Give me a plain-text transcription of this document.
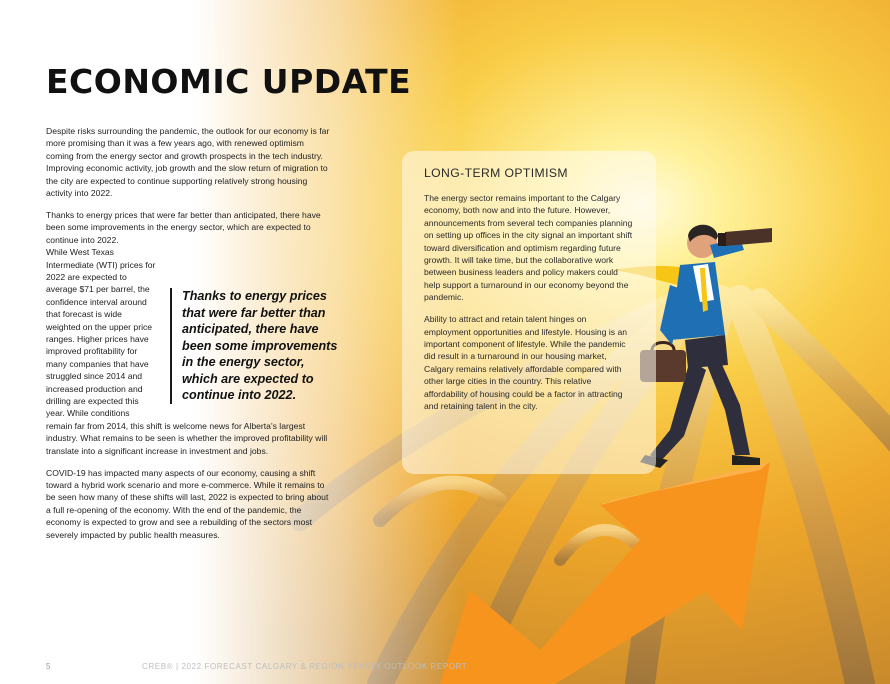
ECONOMIC UPDATE

Despite risks surrounding the pandemic, the outlook for our economy is far more promising than it was a few years ago, with renewed optimism coming from the energy sector and growth prospects in the tech industry. Improving economic activity, job growth and the slow return of migration to the city are expected to continue supporting relatively strong housing activity into 2022.

Thanks to energy prices that were far better than anticipated, there have been some improvements in the energy sector, which are expected to continue into 2022.

While West Texas Intermediate (WTI) prices for 2022 are expected to average $71 per barrel, the confidence interval around that forecast is wide weighted on the upper price ranges. Higher prices have improved profitability for many companies that have struggled since 2014 and increased production and drilling are expected this year. While conditions
remain far from 2014, this shift is welcome news for Alberta's largest industry. What remains to be seen is whether the improved profitability will translate into a significant increase in investment and jobs.

COVID-19 has impacted many aspects of our economy, causing a shift toward a hybrid work scenario and more e-commerce. While it remains to be seen how many of these shifts will last, 2022 is expected to bring about a full re-opening of the economy. With the end of the pandemic, the economy is expected to grow and see a rebuilding of the sectors most severely impacted by public health measures.

Thanks to energy prices that were far better than anticipated, there have been some improvements in the energy sector, which are expected to continue into 2022.
LONG-TERM OPTIMISM

The energy sector remains important to the Calgary economy, both now and into the future. However, announcements from several tech companies planning on setting up offices in the city signal an important shift toward diversification and optimism regarding future growth. It will take time, but the collaborative work between business leaders and policy makers could help support a turnaround in our economy beyond the pandemic.

Ability to attract and retain talent hinges on employment opportunities and lifestyle. Housing is an important component of lifestyle. While the pandemic did result in a turnaround in our housing market, Calgary remains relatively affordable compared with other large cities in the country. This relative affordability of housing could be a factor in attracting and retaining talent in the city.

5	CREB® | 2022 FORECAST CALGARY & REGION YEARLY OUTLOOK REPORT
